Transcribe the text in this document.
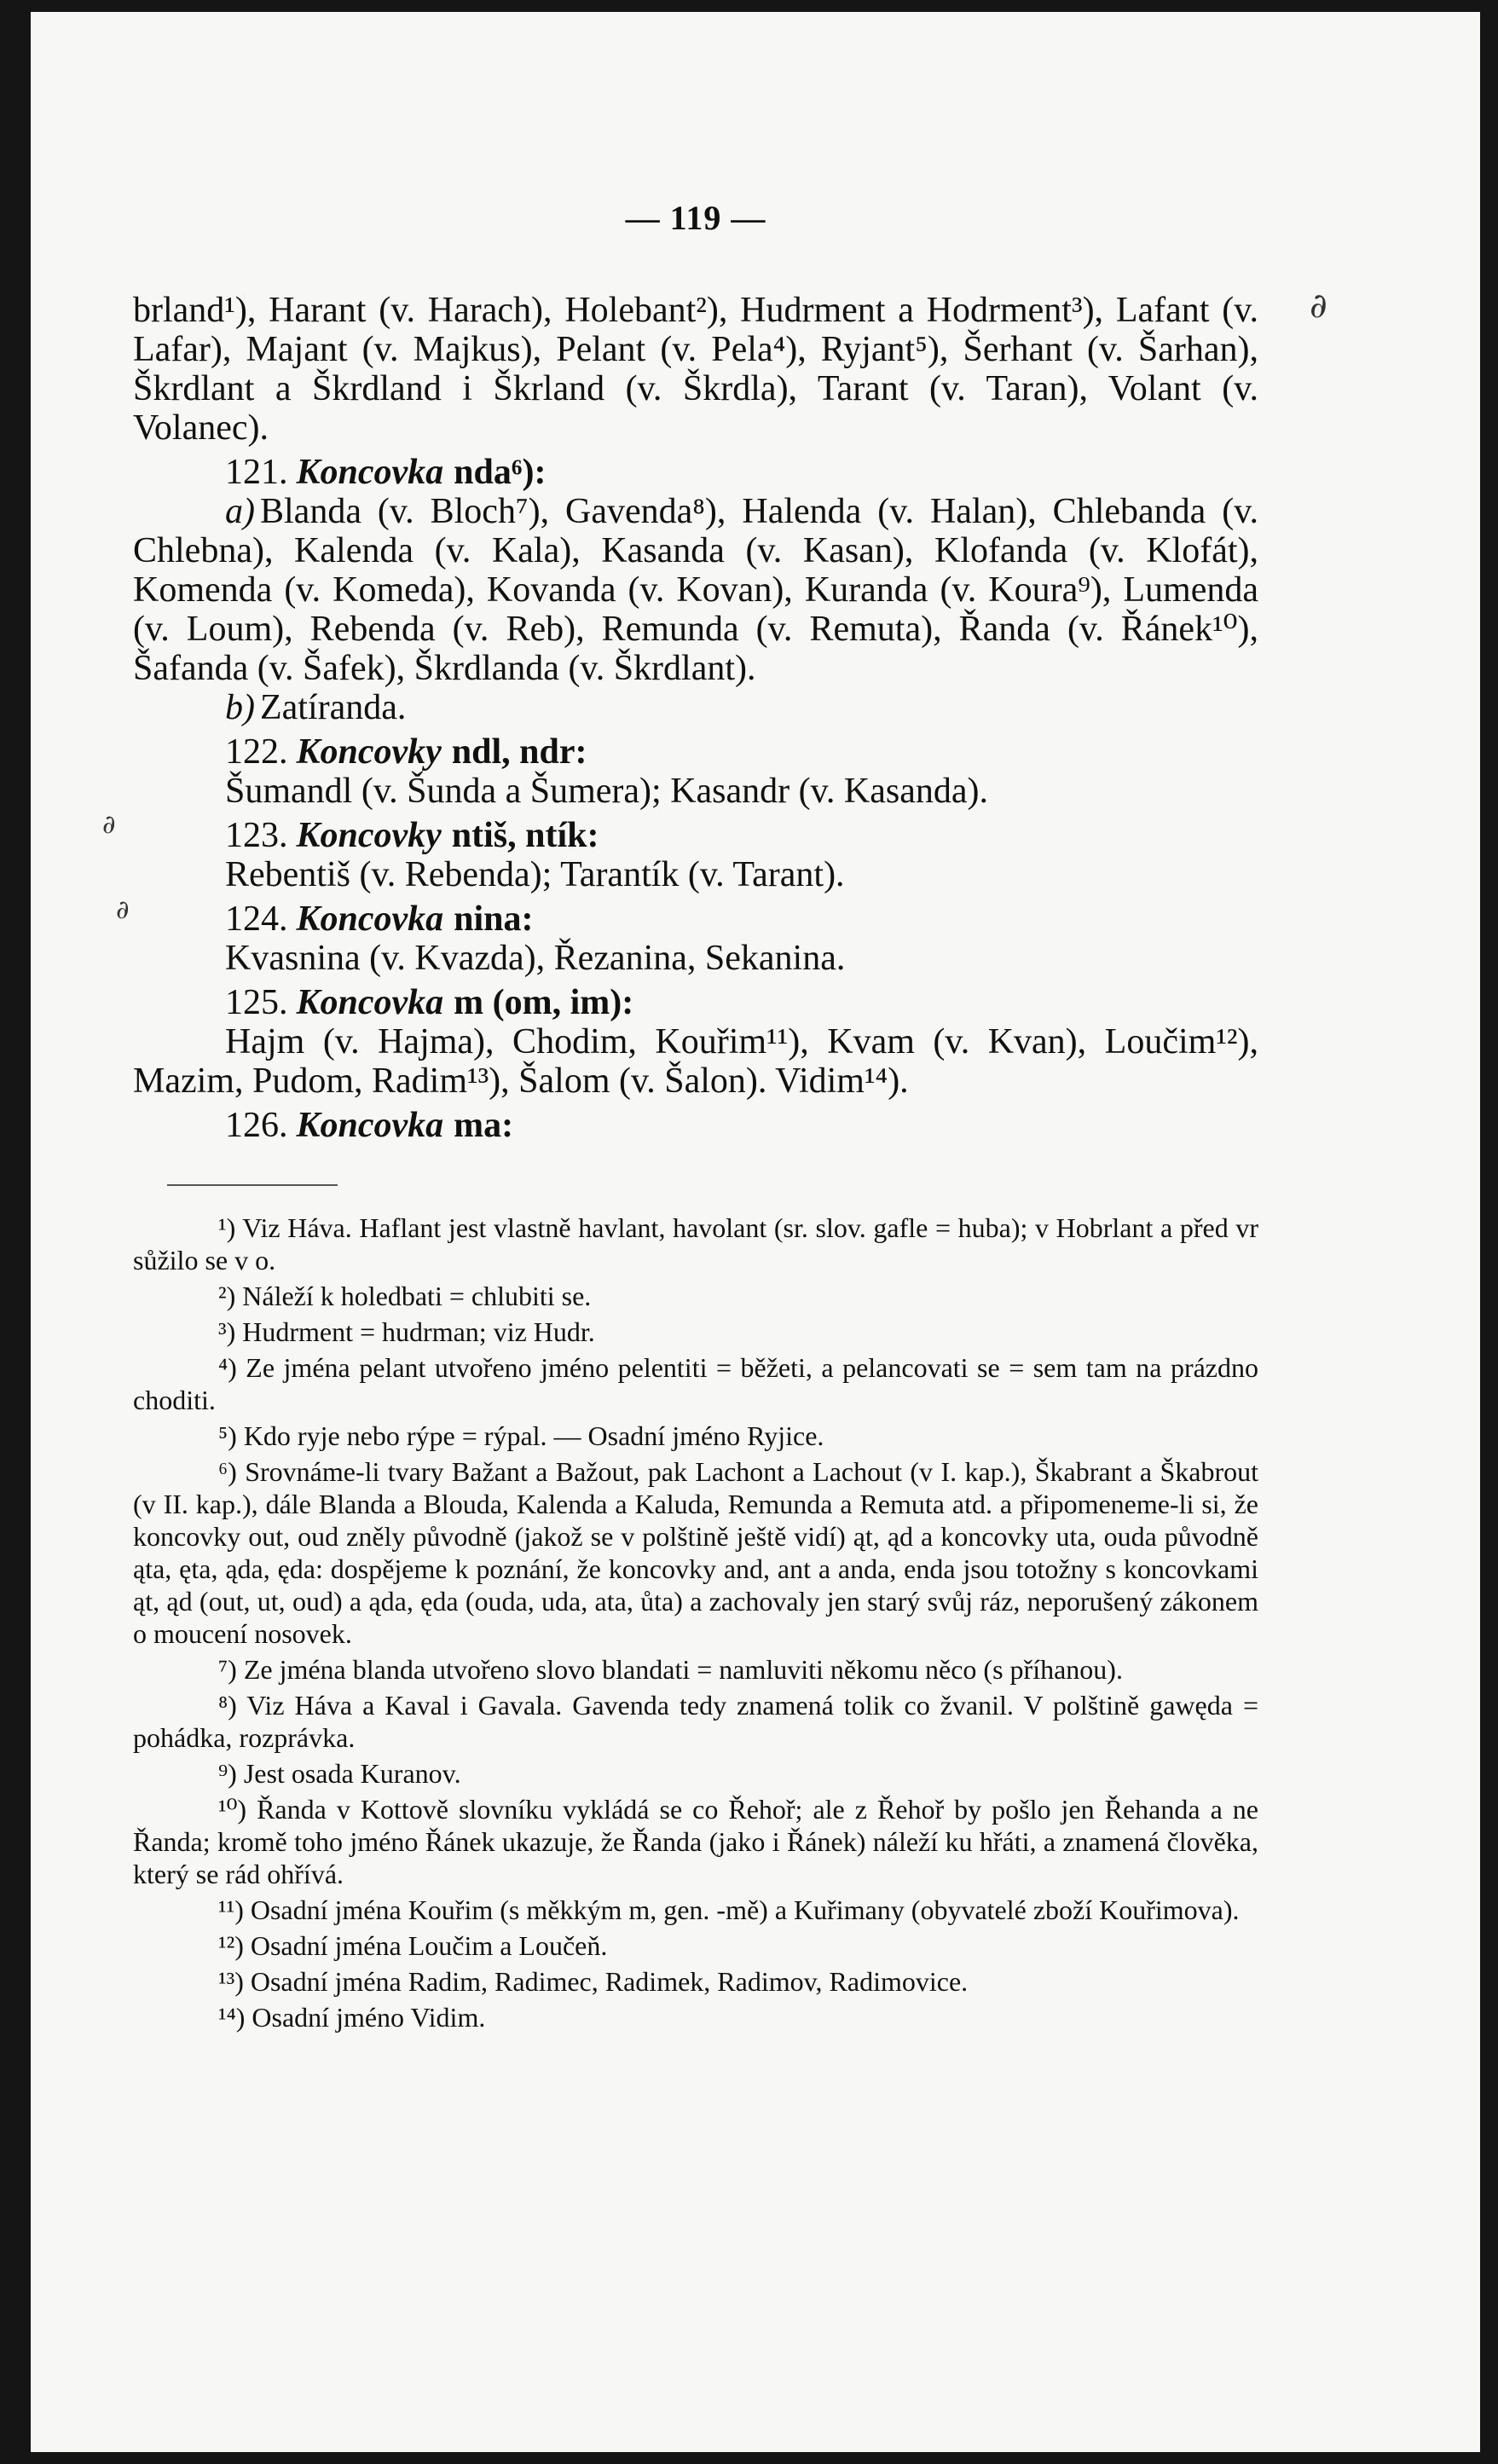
∂
∂
∂
— 119 —

brland¹), Harant (v. Harach), Holebant²), Hudrment a Hodrment³), Lafant (v. Lafar), Majant (v. Majkus), Pelant (v. Pela⁴), Ryjant⁵), Šerhant (v. Šarhan), Škrdlant a Škrdland i Škrland (v. Škrdla), Tarant (v. Taran), Volant (v. Volanec).

121. Koncovka nda⁶):

a) Blanda (v. Bloch⁷), Gavenda⁸), Halenda (v. Halan), Chlebanda (v. Chlebna), Kalenda (v. Kala), Kasanda (v. Kasan), Klofanda (v. Klofát), Komenda (v. Komeda), Kovanda (v. Kovan), Kuranda (v. Koura⁹), Lumenda (v. Loum), Rebenda (v. Reb), Remunda (v. Remuta), Řanda (v. Řánek¹⁰), Šafanda (v. Šafek), Škrdlanda (v. Škrdlant).

b) Zatíranda.

122. Koncovky ndl, ndr:

Šumandl (v. Šunda a Šumera); Kasandr (v. Kasanda).

123. Koncovky ntiš, ntík:

Rebentiš (v. Rebenda); Tarantík (v. Tarant).

124. Koncovka nina:

Kvasnina (v. Kvazda), Řezanina, Sekanina.

125. Koncovka m (om, im):

Hajm (v. Hajma), Chodim, Kouřim¹¹), Kvam (v. Kvan), Loučim¹²), Mazim, Pudom, Radim¹³), Šalom (v. Šalon). Vidim¹⁴).

126. Koncovka ma:

¹) Viz Háva. Haflant jest vlastně havlant, havolant (sr. slov. gafle = huba); v Hobrlant a před vr sůžilo se v o.

²) Náleží k holedbati = chlubiti se.

³) Hudrment = hudrman; viz Hudr.

⁴) Ze jména pelant utvořeno jméno pelentiti = běžeti, a pelancovati se = sem tam na prázdno choditi.

⁵) Kdo ryje nebo rýpe = rýpal. — Osadní jméno Ryjice.

⁶) Srovnáme-li tvary Bažant a Bažout, pak Lachont a Lachout (v I. kap.), Škabrant a Škabrout (v II. kap.), dále Blanda a Blouda, Kalenda a Kaluda, Remunda a Remuta atd. a připomeneme-li si, že koncovky out, oud zněly původně (jakož se v polštině ještě vidí) ąt, ąd a koncovky uta, ouda původně ąta, ęta, ąda, ęda: dospějeme k poznání, že koncovky and, ant a anda, enda jsou totožny s koncovkami ąt, ąd (out, ut, oud) a ąda, ęda (ouda, uda, ata, ůta) a zachovaly jen starý svůj ráz, neporušený zákonem o moucení nosovek.

⁷) Ze jména blanda utvořeno slovo blandati = namluviti někomu něco (s příhanou).

⁸) Viz Háva a Kaval i Gavala. Gavenda tedy znamená tolik co žvanil. V polštině gawęda = pohádka, rozprávka.

⁹) Jest osada Kuranov.

¹⁰) Řanda v Kottově slovníku vykládá se co Řehoř; ale z Řehoř by pošlo jen Řehanda a ne Řanda; kromě toho jméno Řánek ukazuje, že Řanda (jako i Řánek) náleží ku hřáti, a znamená člověka, který se rád ohřívá.

¹¹) Osadní jména Kouřim (s měkkým m, gen. -mě) a Kuřimany (obyvatelé zboží Kouřimova).

¹²) Osadní jména Loučim a Loučeň.

¹³) Osadní jména Radim, Radimec, Radimek, Radimov, Radimovice.

¹⁴) Osadní jméno Vidim.
